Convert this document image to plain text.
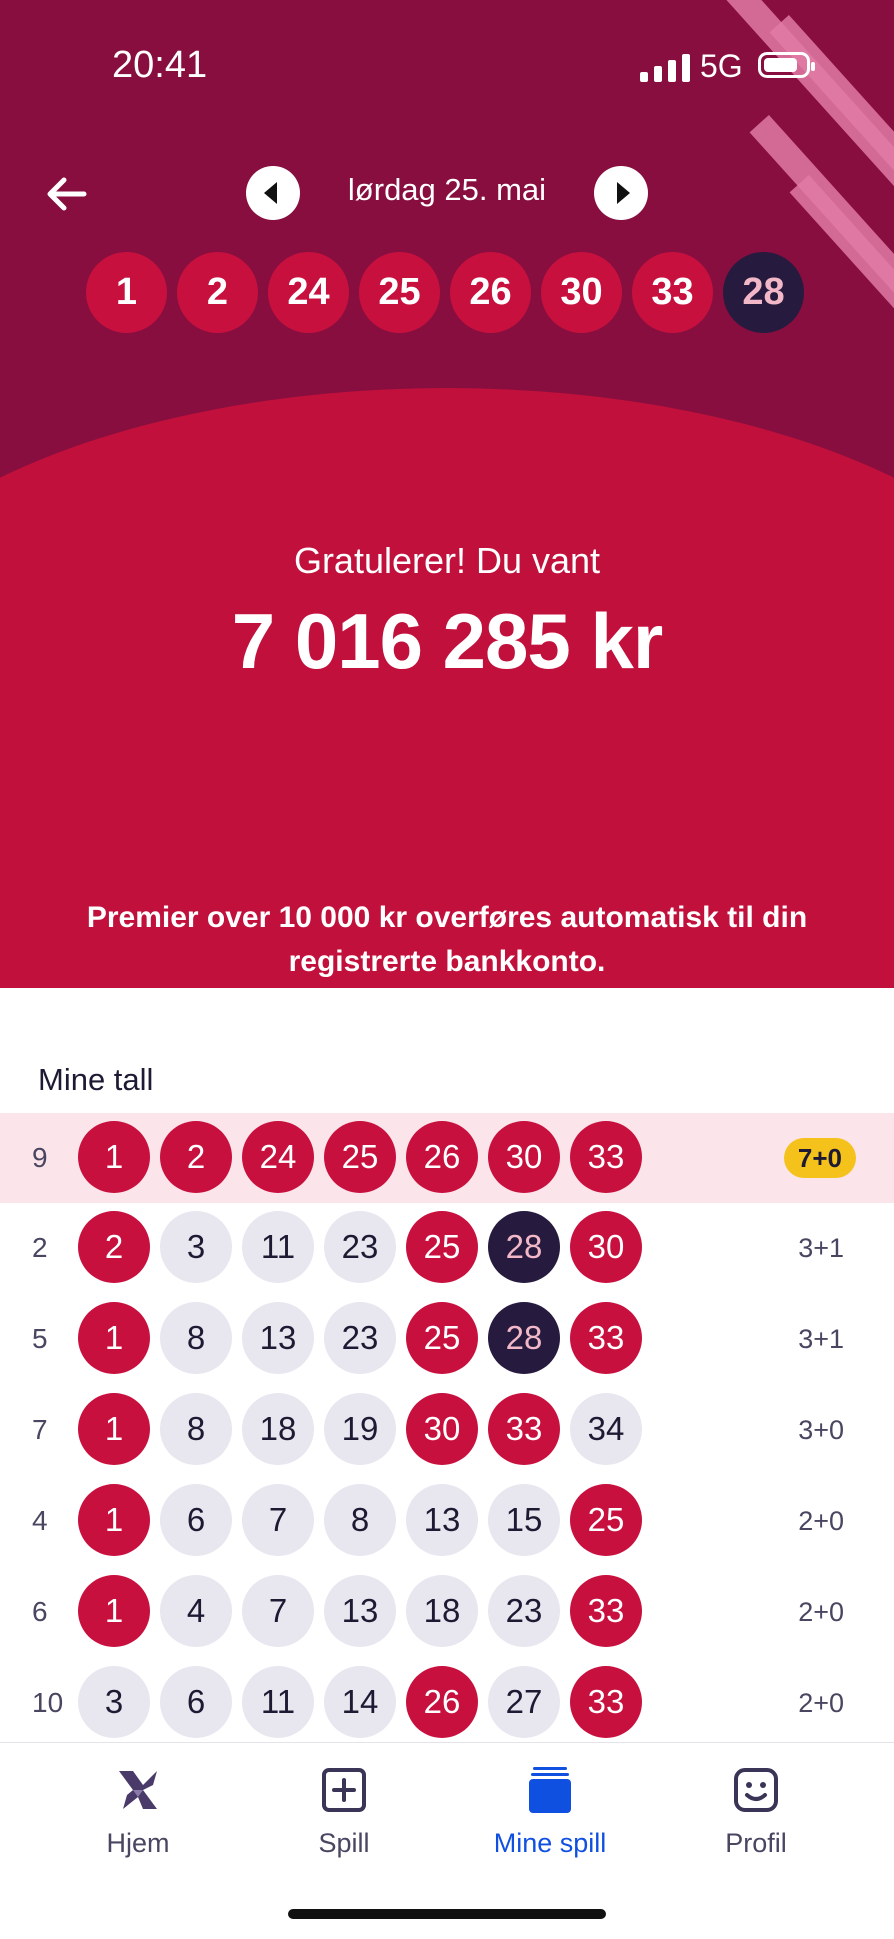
20:41	5G
lørdag 25. mai
1	2	24	25	26	30	33	28
Gratulerer! Du vant
7 016 285 kr
Premier over 10 000 kr overføres automatisk til din registrerte bankkonto.
Mine tall
9	1	2	24	25	26	30	33	7+0
2	2	3	11	23	25	28	30	3+1
5	1	8	13	23	25	28	33	3+1
7	1	8	18	19	30	33	34	3+0
4	1	6	7	8	13	15	25	2+0
6	1	4	7	13	18	23	33	2+0
10	3	6	11	14	26	27	33	2+0
Hjem	Spill	Mine spill	Profil
